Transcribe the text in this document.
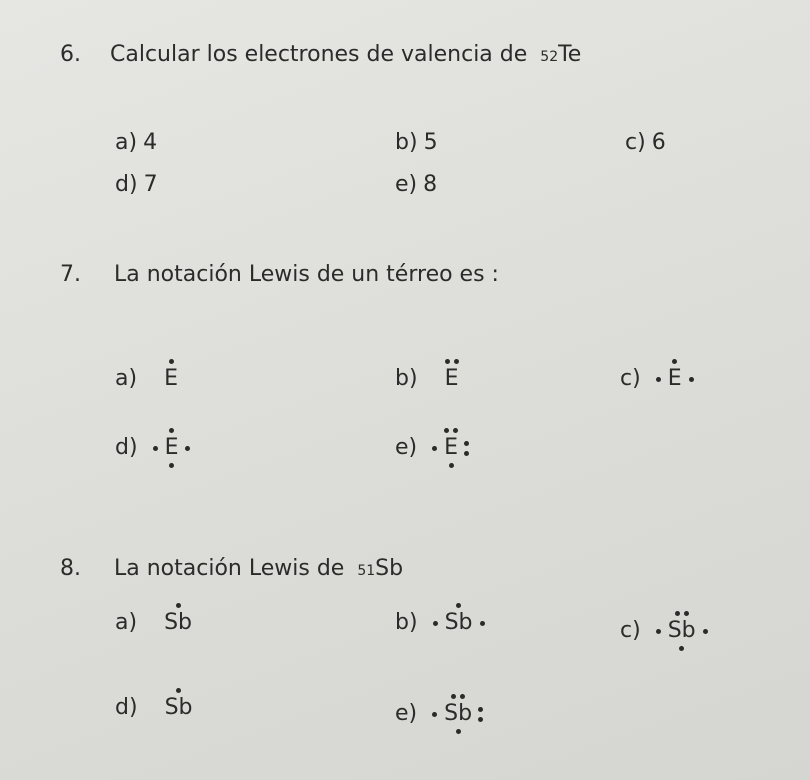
6. Calcular los electrones de valencia de 52Te
a) 4	b) 5	c) 6
d) 7	e) 8
7. La notación Lewis de un térreo es :
a) E	b) E	c) E
d) E	e) E
8. La notación Lewis de 51Sb
a) Sb	b) Sb	c) Sb
d) Sb	e) Sb
